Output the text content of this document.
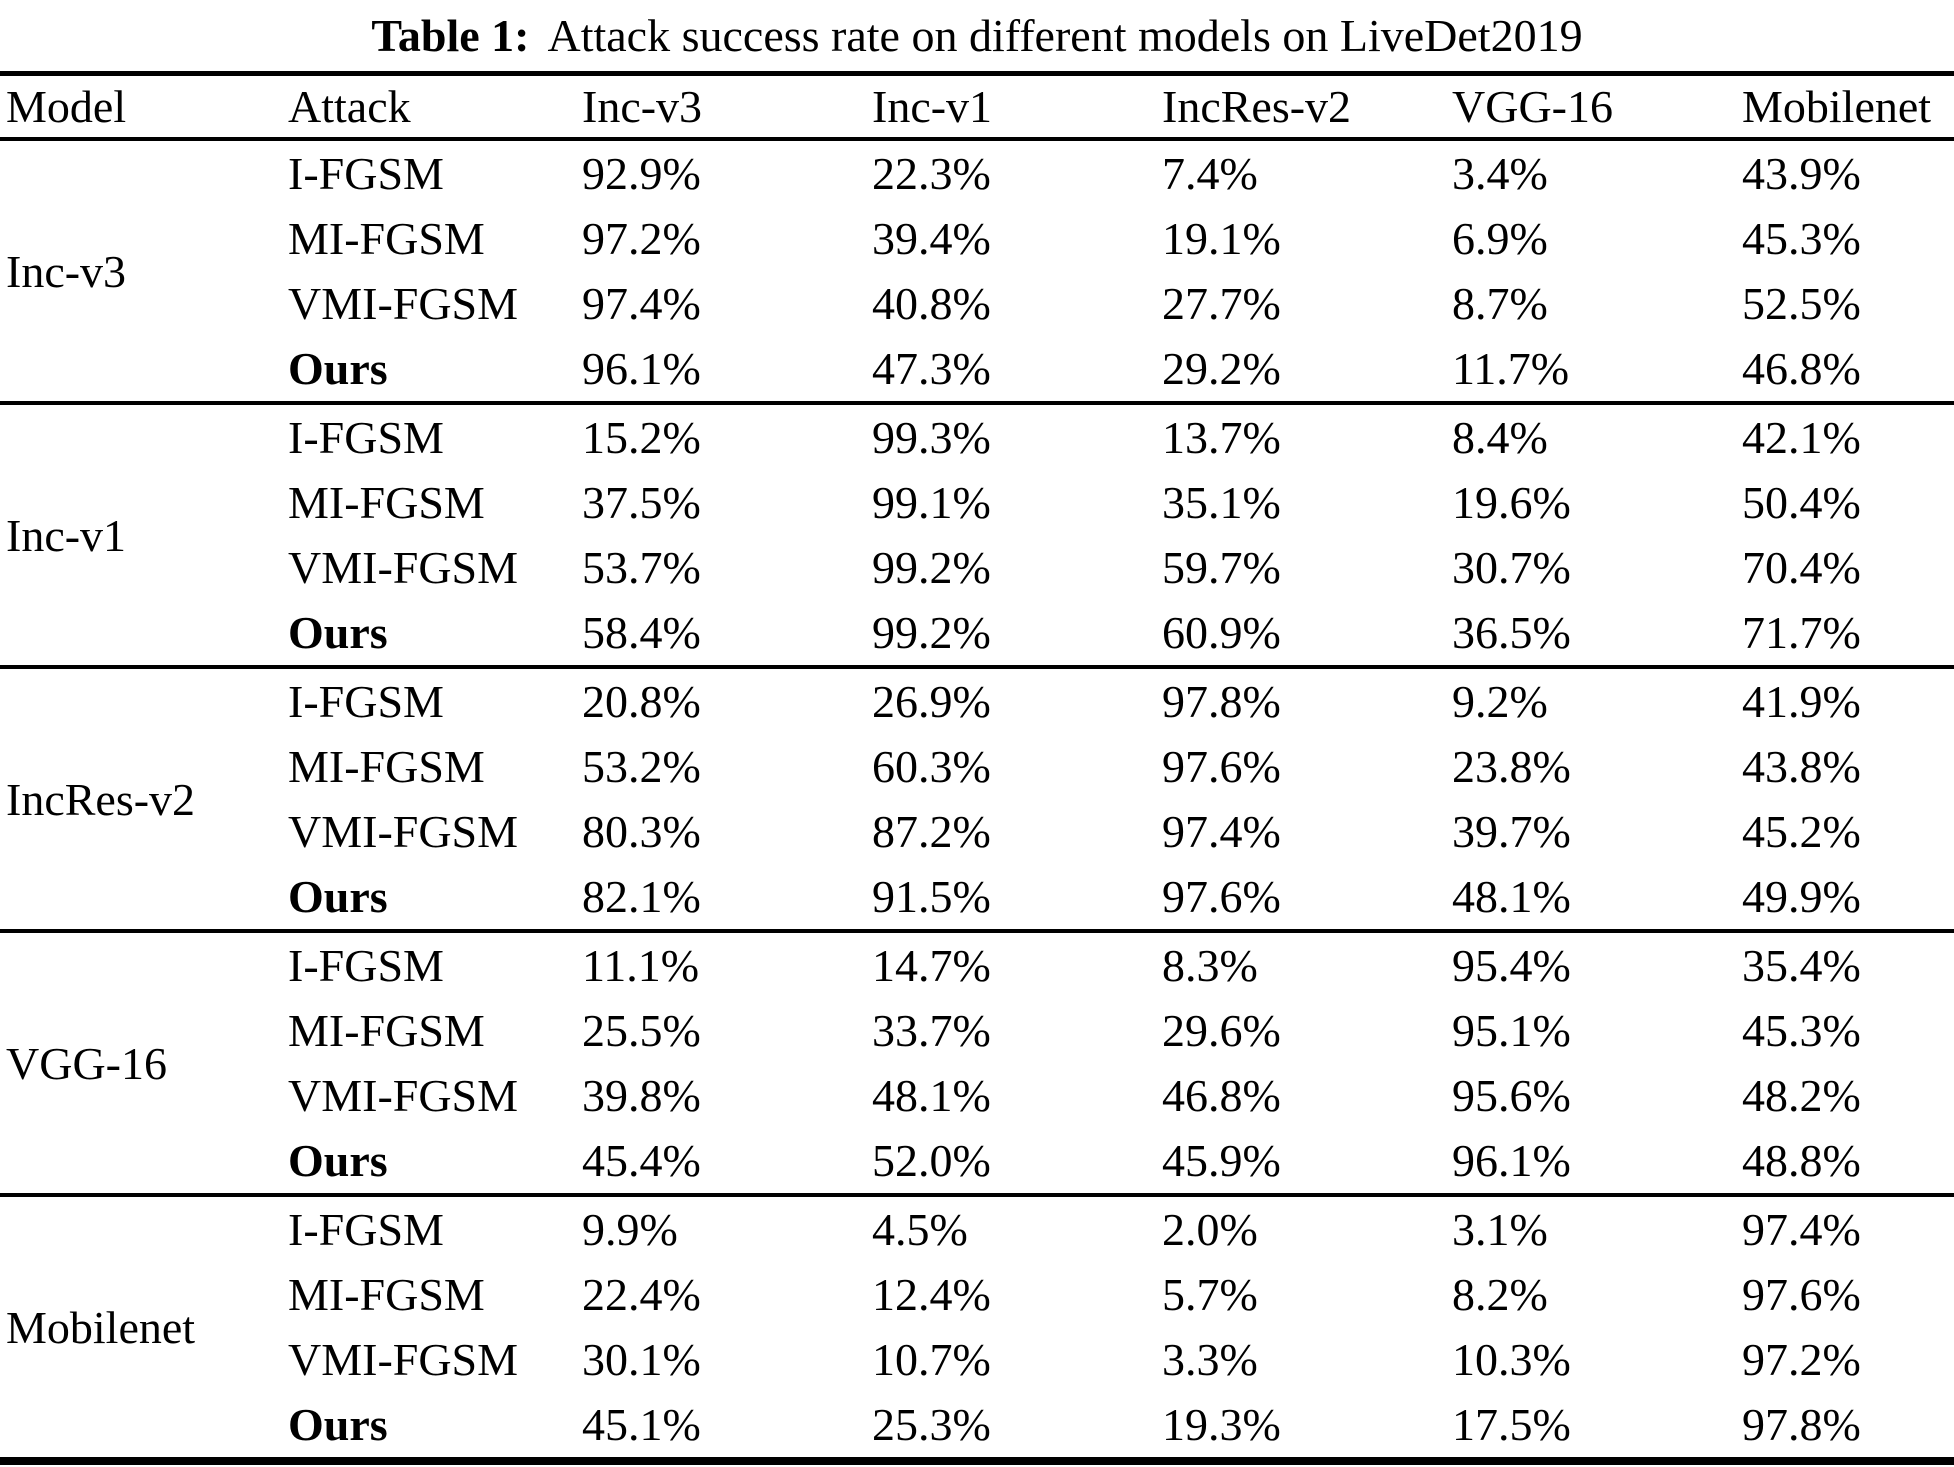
Table 1: Attack success rate on different models on LiveDet2019
Model	Attack	Inc-v3	Inc-v1	IncRes-v2	VGG-16	Mobilenet
Inc-v3	I-FGSM	92.9%	22.3%	7.4%	3.4%	43.9%
	MI-FGSM	97.2%	39.4%	19.1%	6.9%	45.3%
	VMI-FGSM	97.4%	40.8%	27.7%	8.7%	52.5%
	Ours	96.1%	47.3%	29.2%	11.7%	46.8%
Inc-v1	I-FGSM	15.2%	99.3%	13.7%	8.4%	42.1%
	MI-FGSM	37.5%	99.1%	35.1%	19.6%	50.4%
	VMI-FGSM	53.7%	99.2%	59.7%	30.7%	70.4%
	Ours	58.4%	99.2%	60.9%	36.5%	71.7%
IncRes-v2	I-FGSM	20.8%	26.9%	97.8%	9.2%	41.9%
	MI-FGSM	53.2%	60.3%	97.6%	23.8%	43.8%
	VMI-FGSM	80.3%	87.2%	97.4%	39.7%	45.2%
	Ours	82.1%	91.5%	97.6%	48.1%	49.9%
VGG-16	I-FGSM	11.1%	14.7%	8.3%	95.4%	35.4%
	MI-FGSM	25.5%	33.7%	29.6%	95.1%	45.3%
	VMI-FGSM	39.8%	48.1%	46.8%	95.6%	48.2%
	Ours	45.4%	52.0%	45.9%	96.1%	48.8%
Mobilenet	I-FGSM	9.9%	4.5%	2.0%	3.1%	97.4%
	MI-FGSM	22.4%	12.4%	5.7%	8.2%	97.6%
	VMI-FGSM	30.1%	10.7%	3.3%	10.3%	97.2%
	Ours	45.1%	25.3%	19.3%	17.5%	97.8%
